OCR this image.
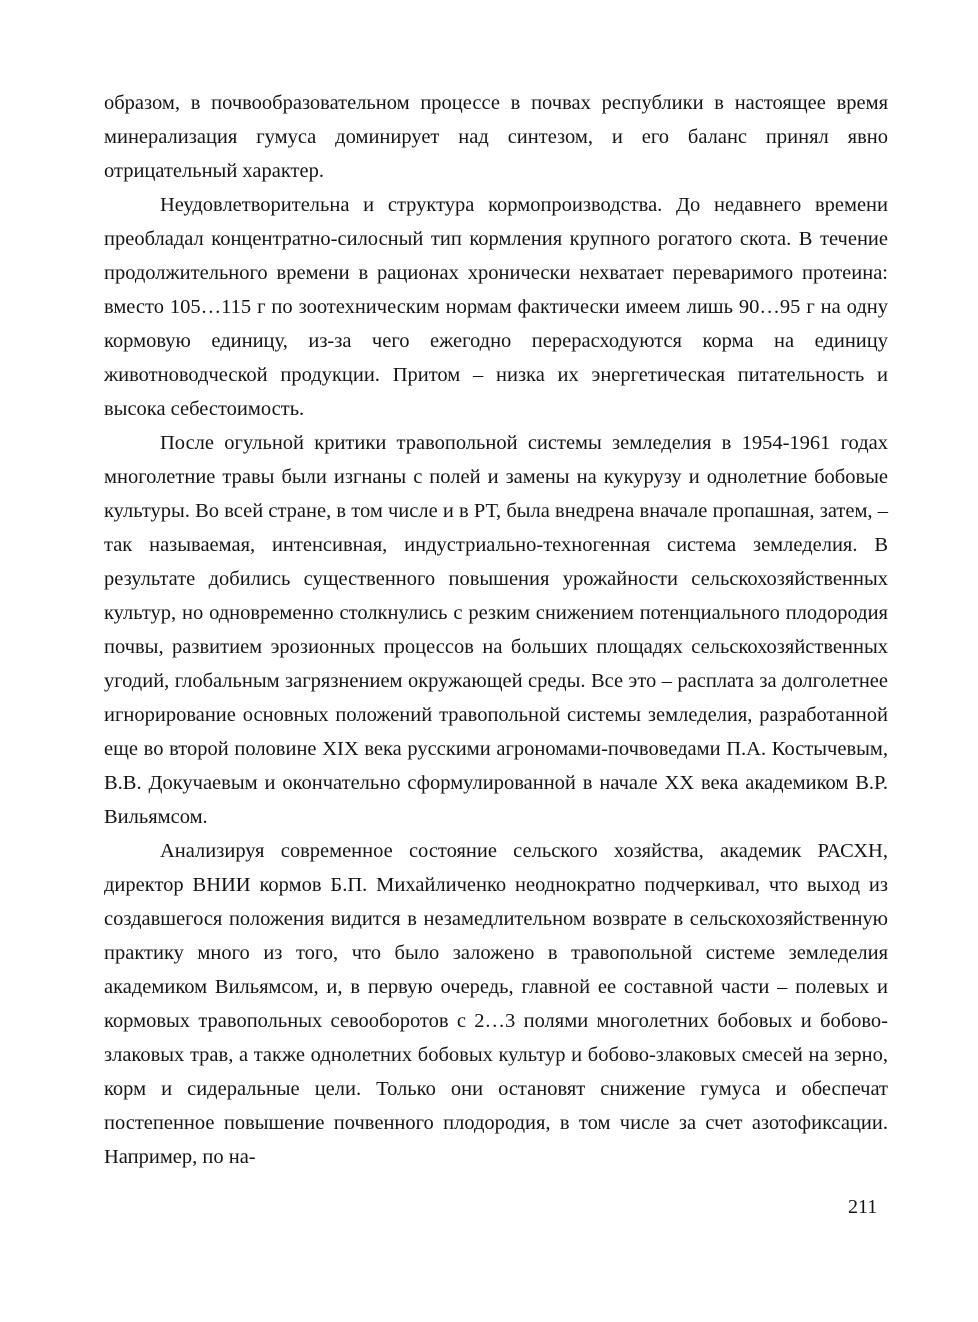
образом, в почвообразовательном процессе в почвах республики в настоящее время минерализация гумуса доминирует над синтезом, и его баланс принял явно отрицательный характер.

Неудовлетворительна и структура кормопроизводства. До недавнего времени преобладал концентратно-силосный тип кормления крупного рогатого скота. В течение продолжительного времени в рационах хронически нехватает переваримого протеина: вместо 105…115 г по зоотехническим нормам фактически имеем лишь 90…95 г на одну кормовую единицу, из-за чего ежегодно перерасходуются корма на единицу животноводческой продукции. Притом – низка их энергетическая питательность и высока себестоимость.

После огульной критики травопольной системы земледелия в 1954-1961 годах многолетние травы были изгнаны с полей и замены на кукурузу и однолетние бобовые культуры. Во всей стране, в том числе и в РТ, была внедрена вначале пропашная, затем, – так называемая, интенсивная, индустриально-техногенная система земледелия. В результате добились существенного повышения урожайности сельскохозяйственных культур, но одновременно столкнулись с резким снижением потенциального плодородия почвы, развитием эрозионных процессов на больших площадях сельскохозяйственных угодий, глобальным загрязнением окружающей среды. Все это – расплата за долголетнее игнорирование основных положений травопольной системы земледелия, разработанной еще во второй половине XIX века русскими агрономами-почвоведами П.А. Костычевым, В.В. Докучаевым и окончательно сформулированной в начале XX века академиком В.Р. Вильямсом.

Анализируя современное состояние сельского хозяйства, академик РАСХН, директор ВНИИ кормов Б.П. Михайличенко неоднократно подчеркивал, что выход из создавшегося положения видится в незамедлительном возврате в сельскохозяйственную практику много из того, что было заложено в травопольной системе земледелия академиком Вильямсом, и, в первую очередь, главной ее составной части – полевых и кормовых травопольных севооборотов с 2…3 полями многолетних бобовых и бобово-злаковых трав, а также однолетних бобовых культур и бобово-злаковых смесей на зерно, корм и сидеральные цели. Только они остановят снижение гумуса и обеспечат постепенное повышение почвенного плодородия, в том числе за счет азотофиксации. Например, по на-

211
